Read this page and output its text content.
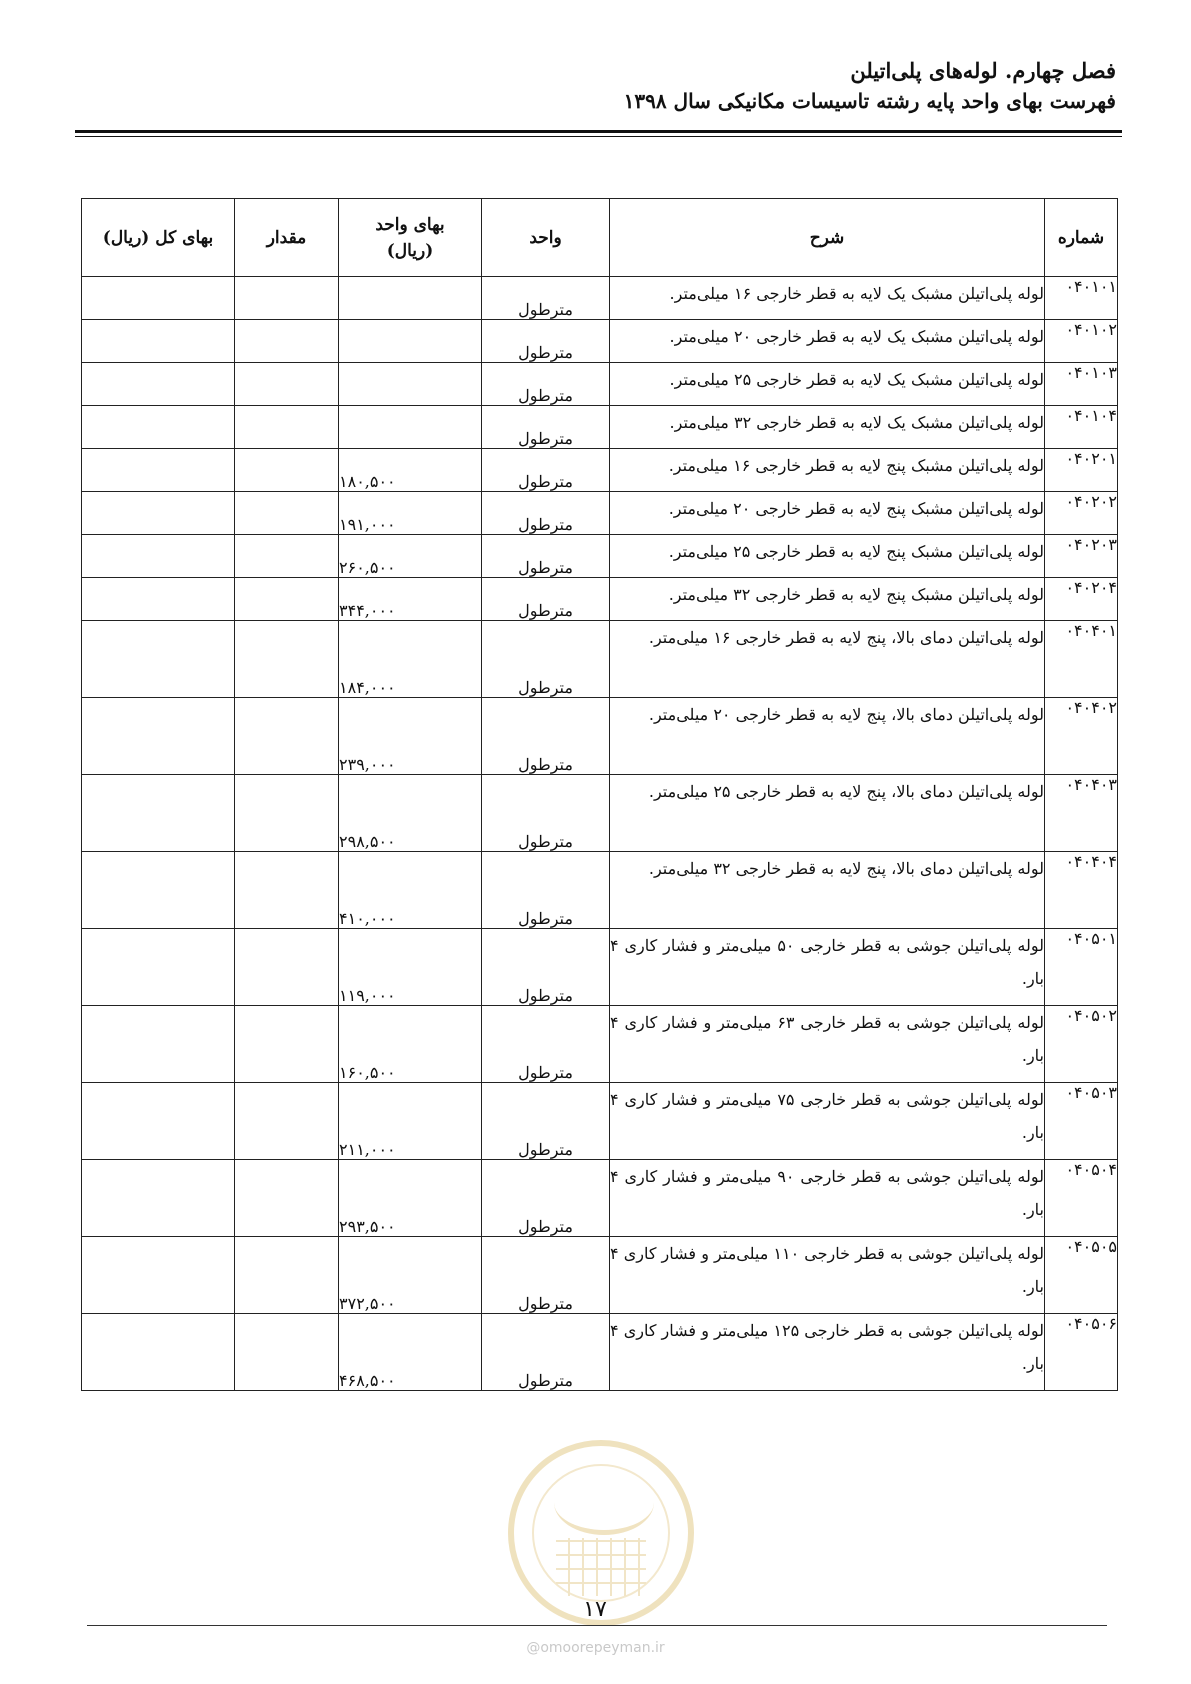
فصل چهارم. لوله‌های پلی‌اتیلن
فهرست بهای واحد پایه رشته تاسیسات مکانیکی سال ۱۳۹۸
شماره	شرح	واحد	بهای واحد
(ریال)	مقدار	بهای کل (ریال)
۰۴۰۱۰۱	لوله پلی‌اتیلن مشبک یک لایه به قطر خارجی ۱۶ میلی‌متر.	مترطول			
۰۴۰۱۰۲	لوله پلی‌اتیلن مشبک یک لایه به قطر خارجی ۲۰ میلی‌متر.	مترطول			
۰۴۰۱۰۳	لوله پلی‌اتیلن مشبک یک لایه به قطر خارجی ۲۵ میلی‌متر.	مترطول			
۰۴۰۱۰۴	لوله پلی‌اتیلن مشبک یک لایه به قطر خارجی ۳۲ میلی‌متر.	مترطول			
۰۴۰۲۰۱	لوله پلی‌اتیلن مشبک پنج لایه به قطر خارجی ۱۶ میلی‌متر.	مترطول	۱۸۰,۵۰۰		
۰۴۰۲۰۲	لوله پلی‌اتیلن مشبک پنج لایه به قطر خارجی ۲۰ میلی‌متر.	مترطول	۱۹۱,۰۰۰		
۰۴۰۲۰۳	لوله پلی‌اتیلن مشبک پنج لایه به قطر خارجی ۲۵ میلی‌متر.	مترطول	۲۶۰,۵۰۰		
۰۴۰۲۰۴	لوله پلی‌اتیلن مشبک پنج لایه به قطر خارجی ۳۲ میلی‌متر.	مترطول	۳۴۴,۰۰۰		
۰۴۰۴۰۱	لوله پلی‌اتیلن دمای بالا، پنج لایه به قطر خارجی ۱۶ میلی‌متر.	مترطول	۱۸۴,۰۰۰		
۰۴۰۴۰۲	لوله پلی‌اتیلن دمای بالا، پنج لایه به قطر خارجی ۲۰ میلی‌متر.	مترطول	۲۳۹,۰۰۰		
۰۴۰۴۰۳	لوله پلی‌اتیلن دمای بالا، پنج لایه به قطر خارجی ۲۵ میلی‌متر.	مترطول	۲۹۸,۵۰۰		
۰۴۰۴۰۴	لوله پلی‌اتیلن دمای بالا، پنج لایه به قطر خارجی ۳۲ میلی‌متر.	مترطول	۴۱۰,۰۰۰		
۰۴۰۵۰۱	لوله پلی‌اتیلن جوشی به قطر خارجی ۵۰ میلی‌متر و فشار کاری ۴ بار.	مترطول	۱۱۹,۰۰۰		
۰۴۰۵۰۲	لوله پلی‌اتیلن جوشی به قطر خارجی ۶۳ میلی‌متر و فشار کاری ۴ بار.	مترطول	۱۶۰,۵۰۰		
۰۴۰۵۰۳	لوله پلی‌اتیلن جوشی به قطر خارجی ۷۵ میلی‌متر و فشار کاری ۴ بار.	مترطول	۲۱۱,۰۰۰		
۰۴۰۵۰۴	لوله پلی‌اتیلن جوشی به قطر خارجی ۹۰ میلی‌متر و فشار کاری ۴ بار.	مترطول	۲۹۳,۵۰۰		
۰۴۰۵۰۵	لوله پلی‌اتیلن جوشی به قطر خارجی ۱۱۰ میلی‌متر و فشار کاری ۴ بار.	مترطول	۳۷۲,۵۰۰		
۰۴۰۵۰۶	لوله پلی‌اتیلن جوشی به قطر خارجی ۱۲۵ میلی‌متر و فشار کاری ۴ بار.	مترطول	۴۶۸,۵۰۰		
۱۷
@omoorepeyman.ir
